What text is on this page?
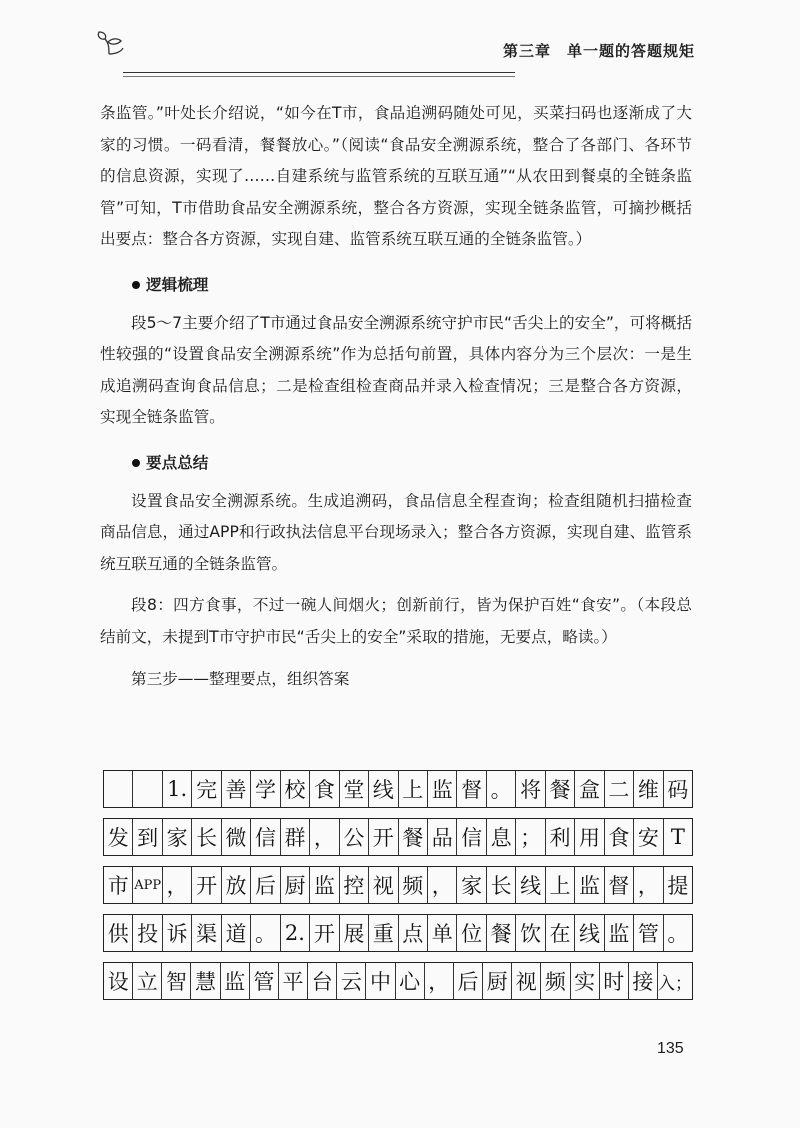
第三章　单一题的答题规矩

条监管。”叶处长介绍说，“如今在T市，食品追溯码随处可见，买菜扫码也逐渐成了大家的习惯。一码看清，餐餐放心。”（阅读“食品安全溯源系统，整合了各部门、各环节的信息资源，实现了……自建系统与监管系统的互联互通”“从农田到餐桌的全链条监管”可知，T市借助食品安全溯源系统，整合各方资源，实现全链条监管，可摘抄概括出要点：整合各方资源，实现自建、监管系统互联互通的全链条监管。）

逻辑梳理

段5～7主要介绍了T市通过食品安全溯源系统守护市民“舌尖上的安全”，可将概括性较强的“设置食品安全溯源系统”作为总括句前置，具体内容分为三个层次：一是生成追溯码查询食品信息；二是检查组检查商品并录入检查情况；三是整合各方资源，实现全链条监管。

要点总结

设置食品安全溯源系统。生成追溯码，食品信息全程查询；检查组随机扫描检查商品信息，通过APP和行政执法信息平台现场录入；整合各方资源，实现自建、监管系统互联互通的全链条监管。

段8：四方食事，不过一碗人间烟火；创新前行，皆为保护百姓“食安”。（本段总结前文，未提到T市守护市民“舌尖上的安全”采取的措施，无要点，略读。）

第三步——整理要点，组织答案

1. 完 善 学 校 食 堂 线 上 监 督 。 将 餐 盒 二 维 码
发 到 家 长 微 信 群 ， 公 开 餐 品 信 息 ； 利 用 食 安 T
市 APP ， 开 放 后 厨 监 控 视 频 ， 家 长 线 上 监 督 ， 提
供 投 诉 渠 道 。 2. 开 展 重 点 单 位 餐 饮 在 线 监 管 。
设 立 智 慧 监 管 平 台 云 中 心 ， 后 厨 视 频 实 时 接 入；
135
